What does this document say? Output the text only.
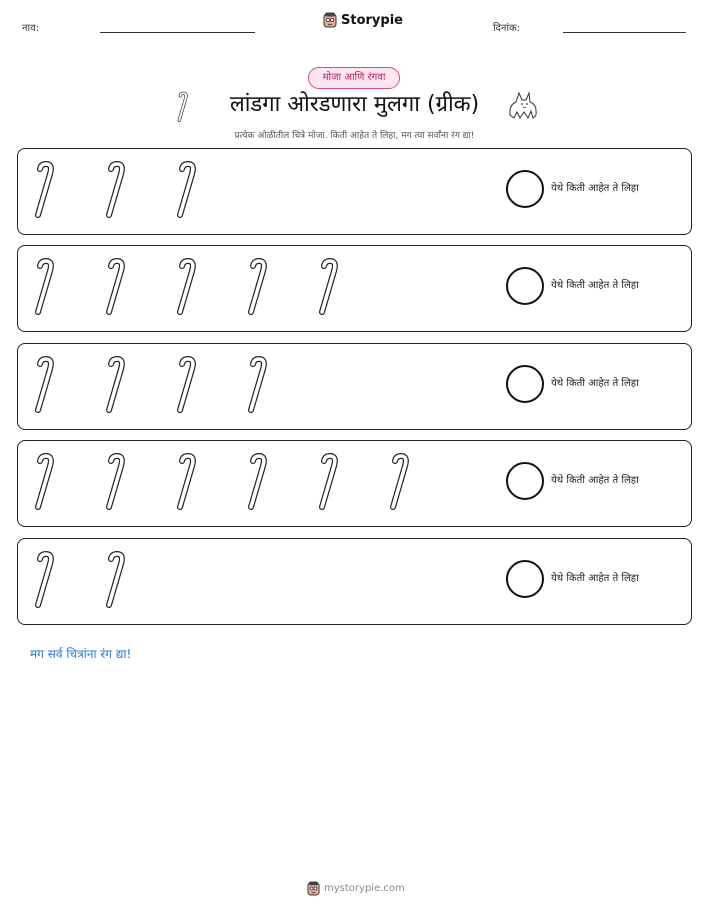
नाव:
Storypie
दिनांक:
मोजा आणि रंगवा
लांडगा ओरडणारा मुलगा (ग्रीक)
प्रत्येक ओळीतील चित्रे मोजा. किती आहेत ते लिहा, मग त्या सर्वांना रंग द्या!
येथे किती आहेत ते लिहा
येथे किती आहेत ते लिहा
येथे किती आहेत ते लिहा
येथे किती आहेत ते लिहा
येथे किती आहेत ते लिहा
मग सर्व चित्रांना रंग द्या!
mystorypie.com
